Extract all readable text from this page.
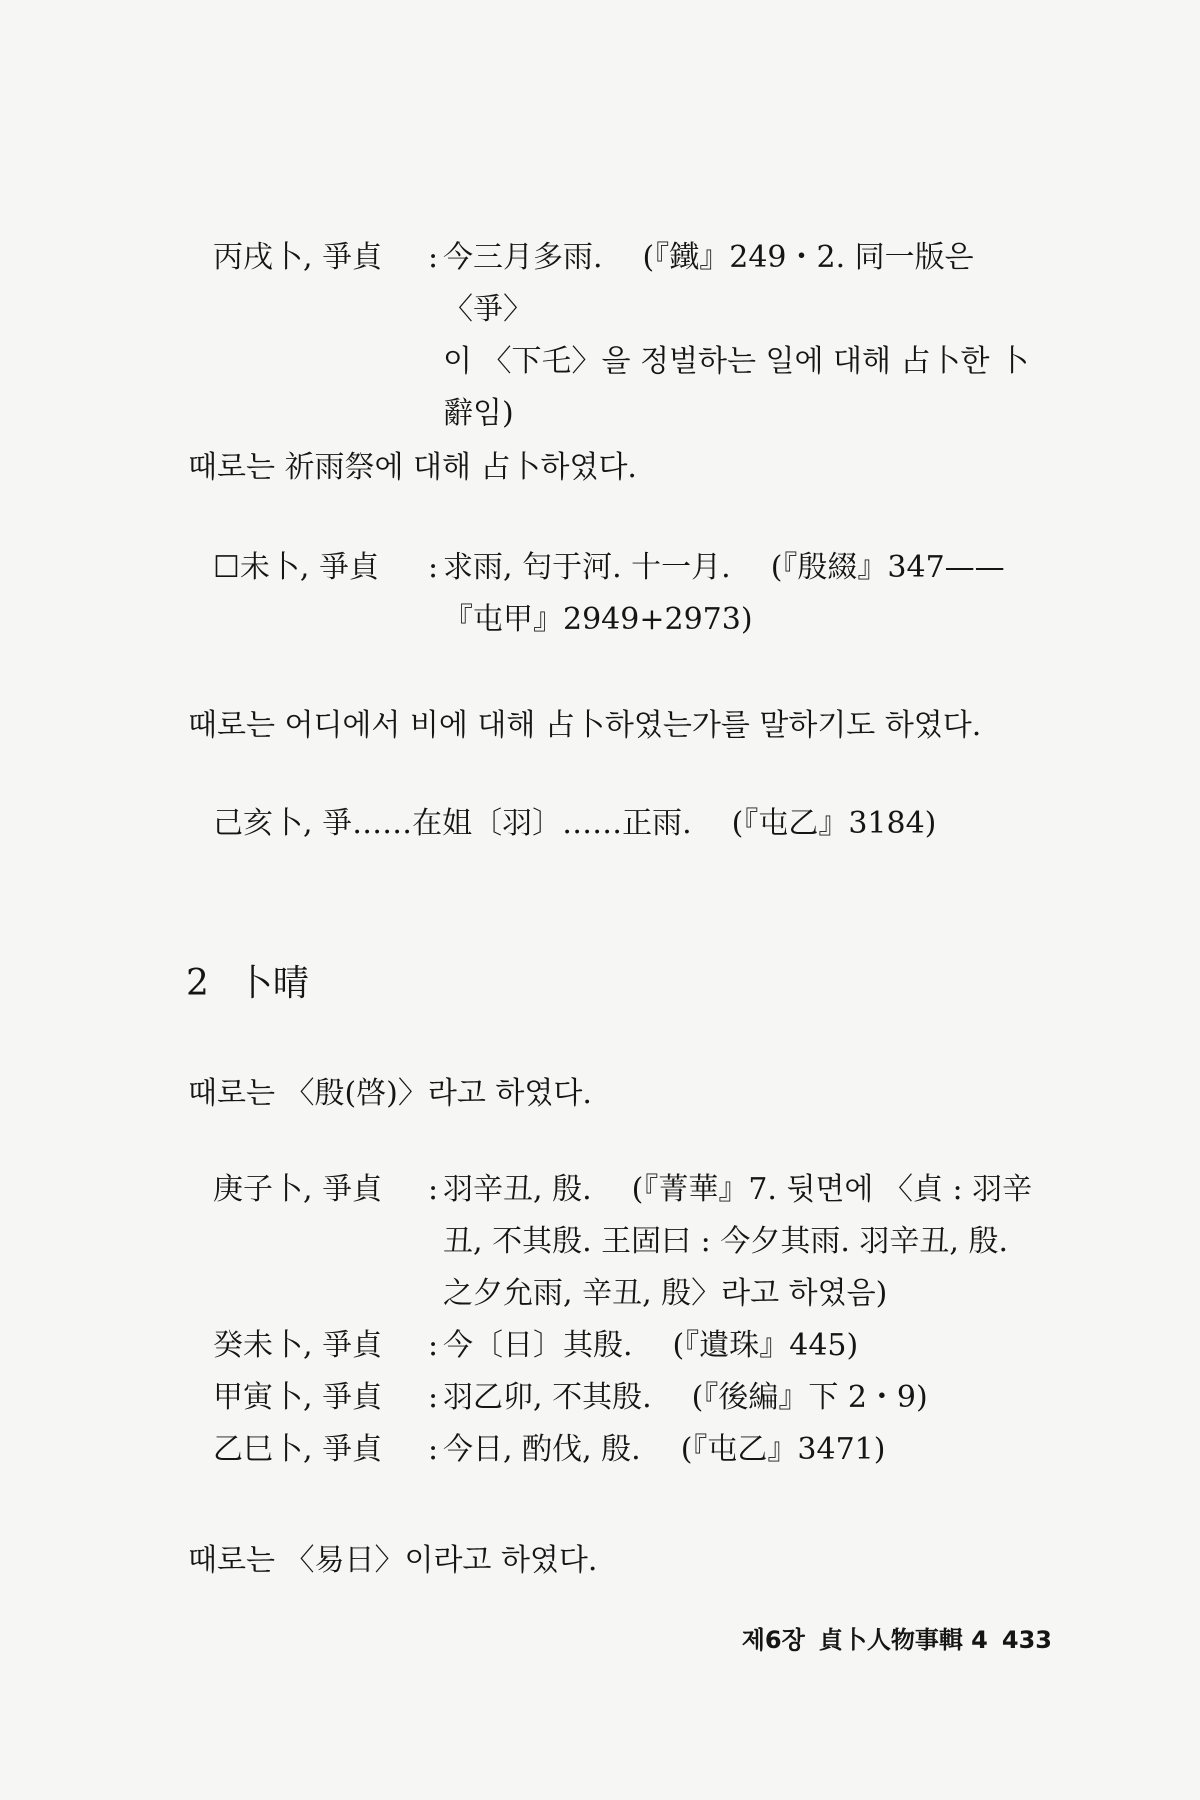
丙戌卜, 爭貞	: 今三月多雨. (『鐵』249・2. 同一版은 〈爭〉
이 〈下乇〉을 정벌하는 일에 대해 占卜한 卜
辭임)
때로는 祈雨祭에 대해 占卜하였다.
☐未卜, 爭貞	: 求雨, 匄于河. 十一月. (『殷綴』347——
『屯甲』2949+2973)
때로는 어디에서 비에 대해 占卜하였는가를 말하기도 하였다.
己亥卜, 爭 ……在姐〔羽〕……正雨. (『屯乙』3184)
2 卜晴
때로는 〈殷(啓)〉라고 하였다.
庚子卜, 爭貞	: 羽辛丑, 殷. (『菁華』7. 뒷면에 〈貞 : 羽辛
丑, 不其殷. 王固曰 : 今夕其雨. 羽辛丑, 殷.
之夕允雨, 辛丑, 殷〉라고 하였음)
癸未卜, 爭貞	: 今〔日〕其殷. (『遺珠』445)
甲寅卜, 爭貞	: 羽乙卯, 不其殷. (『後編』下 2・9)
乙巳卜, 爭貞	: 今日, 酌伐, 殷. (『屯乙』3471)
때로는 〈易日〉이라고 하였다.
제6장 貞卜人物事輯 4 433
